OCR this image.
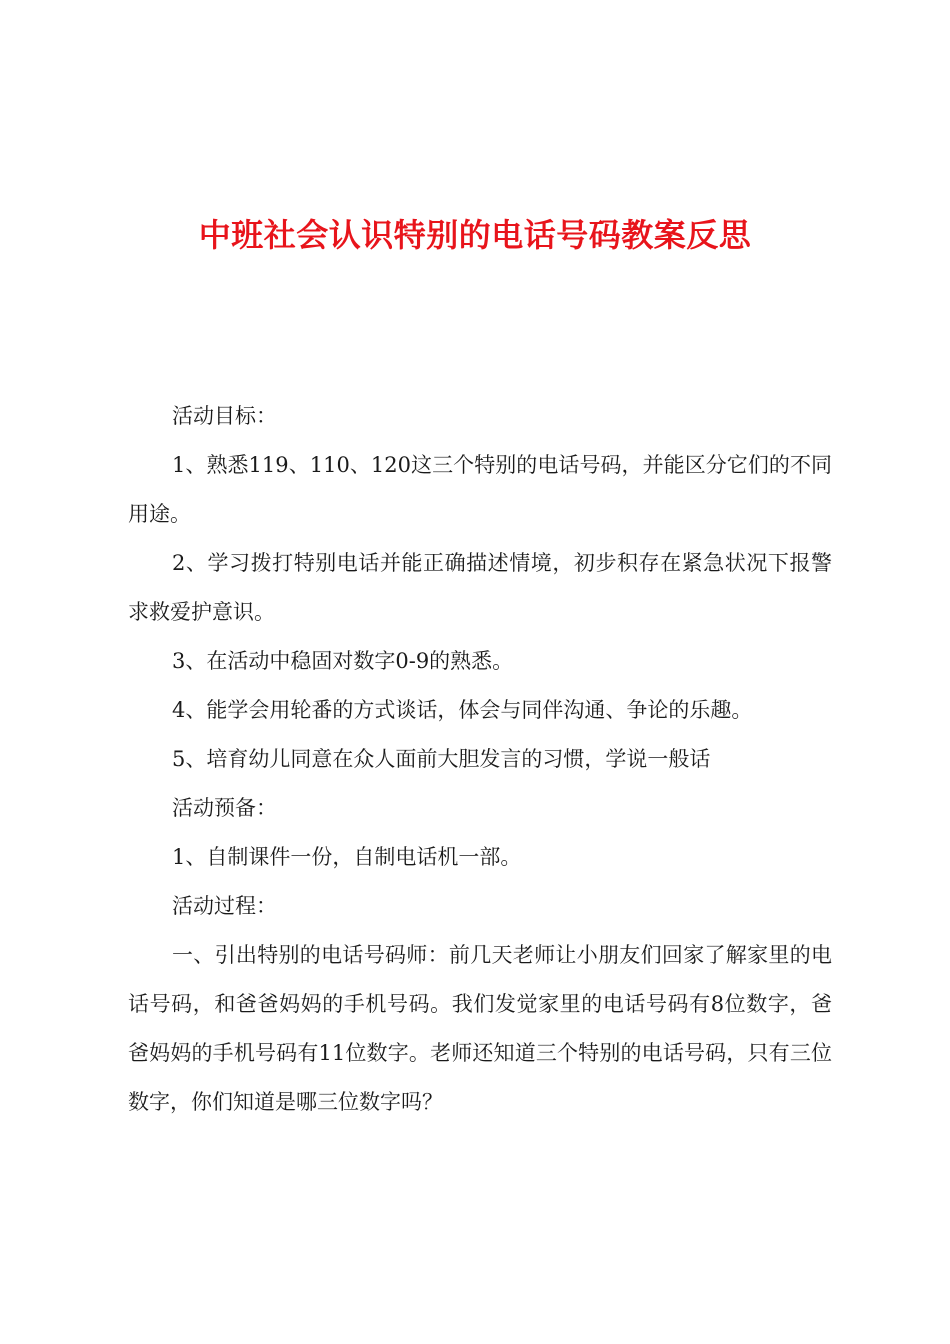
中班社会认识特别的电话号码教案反思

活动目标：

1、熟悉119、110、120这三个特别的电话号码，并能区分它们的不同用途。

2、学习拨打特别电话并能正确描述情境，初步积存在紧急状况下报警求救爱护意识。

3、在活动中稳固对数字0-9的熟悉。

4、能学会用轮番的方式谈话，体会与同伴沟通、争论的乐趣。

5、培育幼儿同意在众人面前大胆发言的习惯，学说一般话

活动预备：

1、自制课件一份，自制电话机一部。

活动过程：

一、引出特别的电话号码师：前几天老师让小朋友们回家了解家里的电话号码，和爸爸妈妈的手机号码。我们发觉家里的电话号码有8位数字，爸爸妈妈的手机号码有11位数字。老师还知道三个特别的电话号码，只有三位数字，你们知道是哪三位数字吗？
